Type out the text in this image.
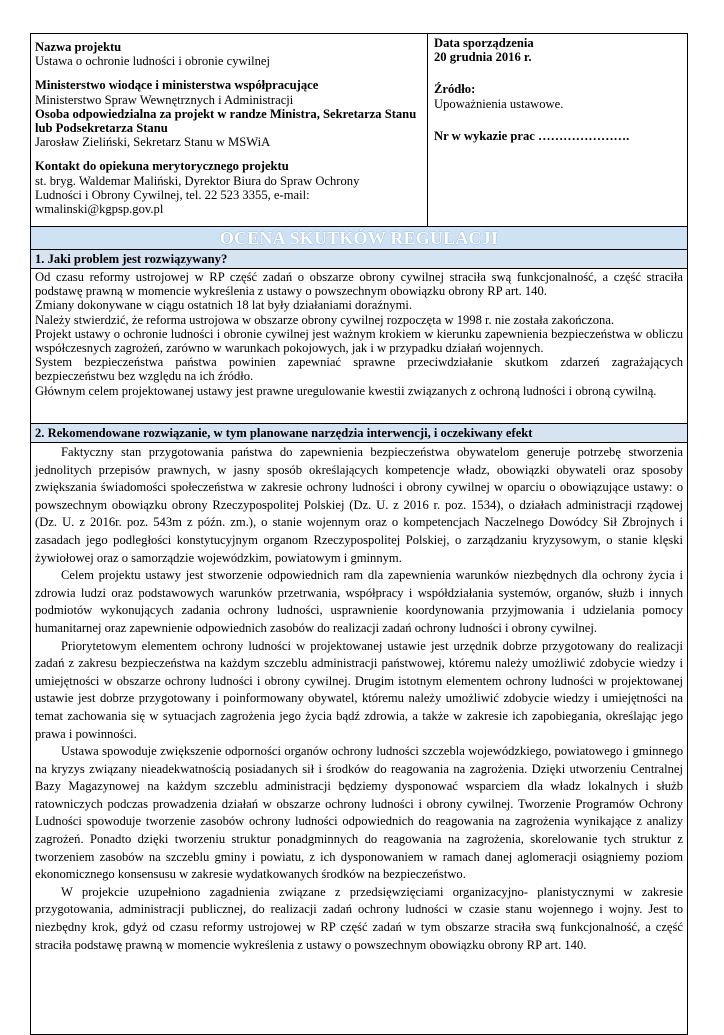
Nazwa projektu
Ustawa o ochronie ludności i obronie cywilnej
Ministerstwo wiodące i ministerstwa współpracujące
Ministerstwo Spraw Wewnętrznych i Administracji
Osoba odpowiedzialna za projekt w randze Ministra, Sekretarza Stanu lub Podsekretarza Stanu
Jarosław Zieliński, Sekretarz Stanu w MSWiA
Kontakt do opiekuna merytorycznego projektu
st. bryg. Waldemar Maliński, Dyrektor Biura do Spraw Ochrony
Ludności i Obrony Cywilnej, tel. 22 523 3355, e-mail:
wmalinski@kgpsp.gov.pl
Data sporządzenia
20 grudnia 2016 r.
Źródło:
Upoważnienia ustawowe.
Nr w wykazie prac ………………….
OCENA SKUTKÓW REGULACJI
1. Jaki problem jest rozwiązywany?

Od czasu reformy ustrojowej w RP część zadań o obszarze obrony cywilnej straciła swą funkcjonalność, a część straciła podstawę prawną w momencie wykreślenia z ustawy o powszechnym obowiązku obrony RP art. 140.

Zmiany dokonywane w ciągu ostatnich 18 lat były działaniami doraźnymi.

Należy stwierdzić, że reforma ustrojowa w obszarze obrony cywilnej rozpoczęta w 1998 r. nie została zakończona.

Projekt ustawy o ochronie ludności i obronie cywilnej jest ważnym krokiem w kierunku zapewnienia bezpieczeństwa w obliczu współczesnych zagrożeń, zarówno w warunkach pokojowych, jak i w przypadku działań wojennych.

System bezpieczeństwa państwa powinien zapewniać sprawne przeciwdziałanie skutkom zdarzeń zagrażających bezpieczeństwu bez względu na ich źródło.

Głównym celem projektowanej ustawy jest prawne uregulowanie kwestii związanych z ochroną ludności i obroną cywilną.

2. Rekomendowane rozwiązanie, w tym planowane narzędzia interwencji, i oczekiwany efekt

Faktyczny stan przygotowania państwa do zapewnienia bezpieczeństwa obywatelom generuje potrzebę stworzenia jednolitych przepisów prawnych, w jasny sposób określających kompetencje władz, obowiązki obywateli oraz sposoby zwiększania świadomości społeczeństwa w zakresie ochrony ludności i obrony cywilnej w oparciu o obowiązujące ustawy: o powszechnym obowiązku obrony Rzeczypospolitej Polskiej (Dz. U. z 2016 r. poz. 1534), o działach administracji rządowej (Dz. U. z 2016r. poz. 543m z późn. zm.), o stanie wojennym oraz o kompetencjach Naczelnego Dowódcy Sił Zbrojnych i zasadach jego podległości konstytucyjnym organom Rzeczypospolitej Polskiej, o zarządzaniu kryzysowym, o stanie klęski żywiołowej oraz o samorządzie wojewódzkim, powiatowym i gminnym.

Celem projektu ustawy jest stworzenie odpowiednich ram dla zapewnienia warunków niezbędnych dla ochrony życia i zdrowia ludzi oraz podstawowych warunków przetrwania, współpracy i współdziałania systemów, organów, służb i innych podmiotów wykonujących zadania ochrony ludności, usprawnienie koordynowania przyjmowania i udzielania pomocy humanitarnej oraz zapewnienie odpowiednich zasobów do realizacji zadań ochrony ludności i obrony cywilnej.

Priorytetowym elementem ochrony ludności w projektowanej ustawie jest urzędnik dobrze przygotowany do realizacji zadań z zakresu bezpieczeństwa na każdym szczeblu administracji państwowej, któremu należy umożliwić zdobycie wiedzy i umiejętności w obszarze ochrony ludności i obrony cywilnej. Drugim istotnym elementem ochrony ludności w projektowanej ustawie jest dobrze przygotowany i poinformowany obywatel, któremu należy umożliwić zdobycie wiedzy i umiejętności na temat zachowania się w sytuacjach zagrożenia jego życia bądź zdrowia, a także w zakresie ich zapobiegania, określając jego prawa i powinności.

Ustawa spowoduje zwiększenie odporności organów ochrony ludności szczebla wojewódzkiego, powiatowego i gminnego na kryzys związany nieadekwatnością posiadanych sił i środków do reagowania na zagrożenia. Dzięki utworzeniu Centralnej Bazy Magazynowej na każdym szczeblu administracji będziemy dysponować wsparciem dla władz lokalnych i służb ratowniczych podczas prowadzenia działań w obszarze ochrony ludności i obrony cywilnej. Tworzenie Programów Ochrony Ludności spowoduje tworzenie zasobów ochrony ludności odpowiednich do reagowania na zagrożenia wynikające z analizy zagrożeń. Ponadto dzięki tworzeniu struktur ponadgminnych do reagowania na zagrożenia, skorelowanie tych struktur z tworzeniem zasobów na szczeblu gminy i powiatu, z ich dysponowaniem w ramach danej aglomeracji osiągniemy poziom ekonomicznego konsensusu w zakresie wydatkowanych środków na bezpieczeństwo.

W projekcie uzupełniono zagadnienia związane z przedsięwzięciami organizacyjno- planistycznymi w zakresie przygotowania, administracji publicznej, do realizacji zadań ochrony ludności w czasie stanu wojennego i wojny. Jest to niezbędny krok, gdyż od czasu reformy ustrojowej w RP część zadań w tym obszarze straciła swą funkcjonalność, a część straciła podstawę prawną w momencie wykreślenia z ustawy o powszechnym obowiązku obrony RP art. 140.
